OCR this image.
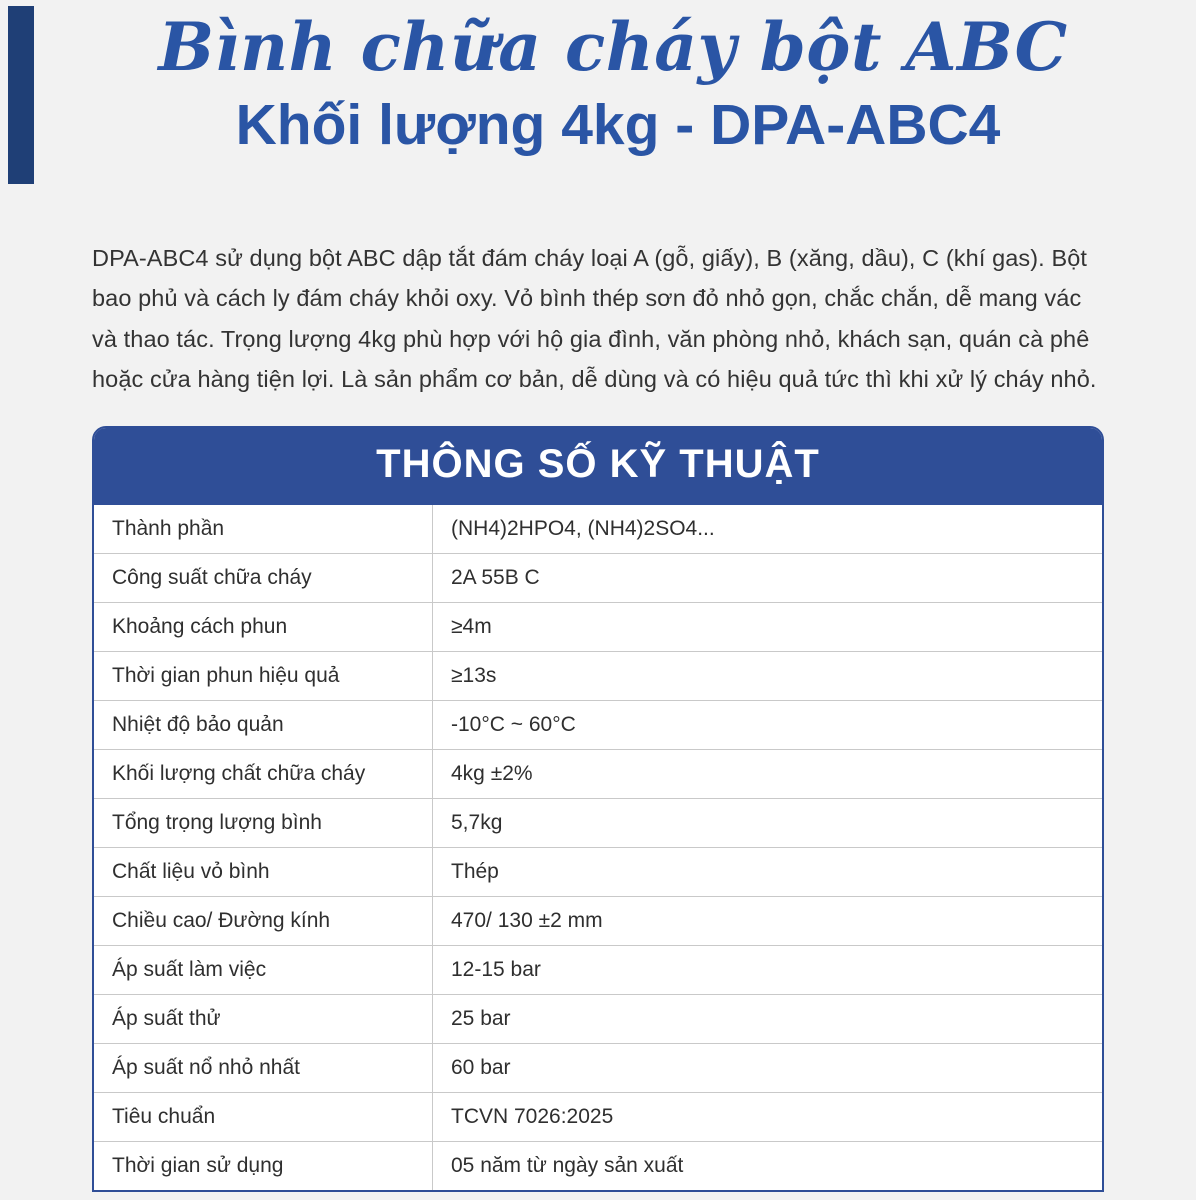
Bình chữa cháy bột ABC
Khối lượng 4kg - DPA-ABC4
DPA-ABC4 sử dụng bột ABC dập tắt đám cháy loại A (gỗ, giấy), B (xăng, dầu), C (khí gas). Bột bao phủ và cách ly đám cháy khỏi oxy. Vỏ bình thép sơn đỏ nhỏ gọn, chắc chắn, dễ mang vác và thao tác. Trọng lượng 4kg phù hợp với hộ gia đình, văn phòng nhỏ, khách sạn, quán cà phê hoặc cửa hàng tiện lợi. Là sản phẩm cơ bản, dễ dùng và có hiệu quả tức thì khi xử lý cháy nhỏ.
THÔNG SỐ KỸ THUẬT
Thành phần	(NH4)2HPO4, (NH4)2SO4...
Công suất chữa cháy	2A 55B C
Khoảng cách phun	≥4m
Thời gian phun hiệu quả	≥13s
Nhiệt độ bảo quản	-10°C ~ 60°C
Khối lượng chất chữa cháy	4kg ±2%
Tổng trọng lượng bình	5,7kg
Chất liệu vỏ bình	Thép
Chiều cao/ Đường kính	470/ 130 ±2 mm
Áp suất làm việc	12-15 bar
Áp suất thử	25 bar
Áp suất nổ nhỏ nhất	60 bar
Tiêu chuẩn	TCVN 7026:2025
Thời gian sử dụng	05 năm từ ngày sản xuất
